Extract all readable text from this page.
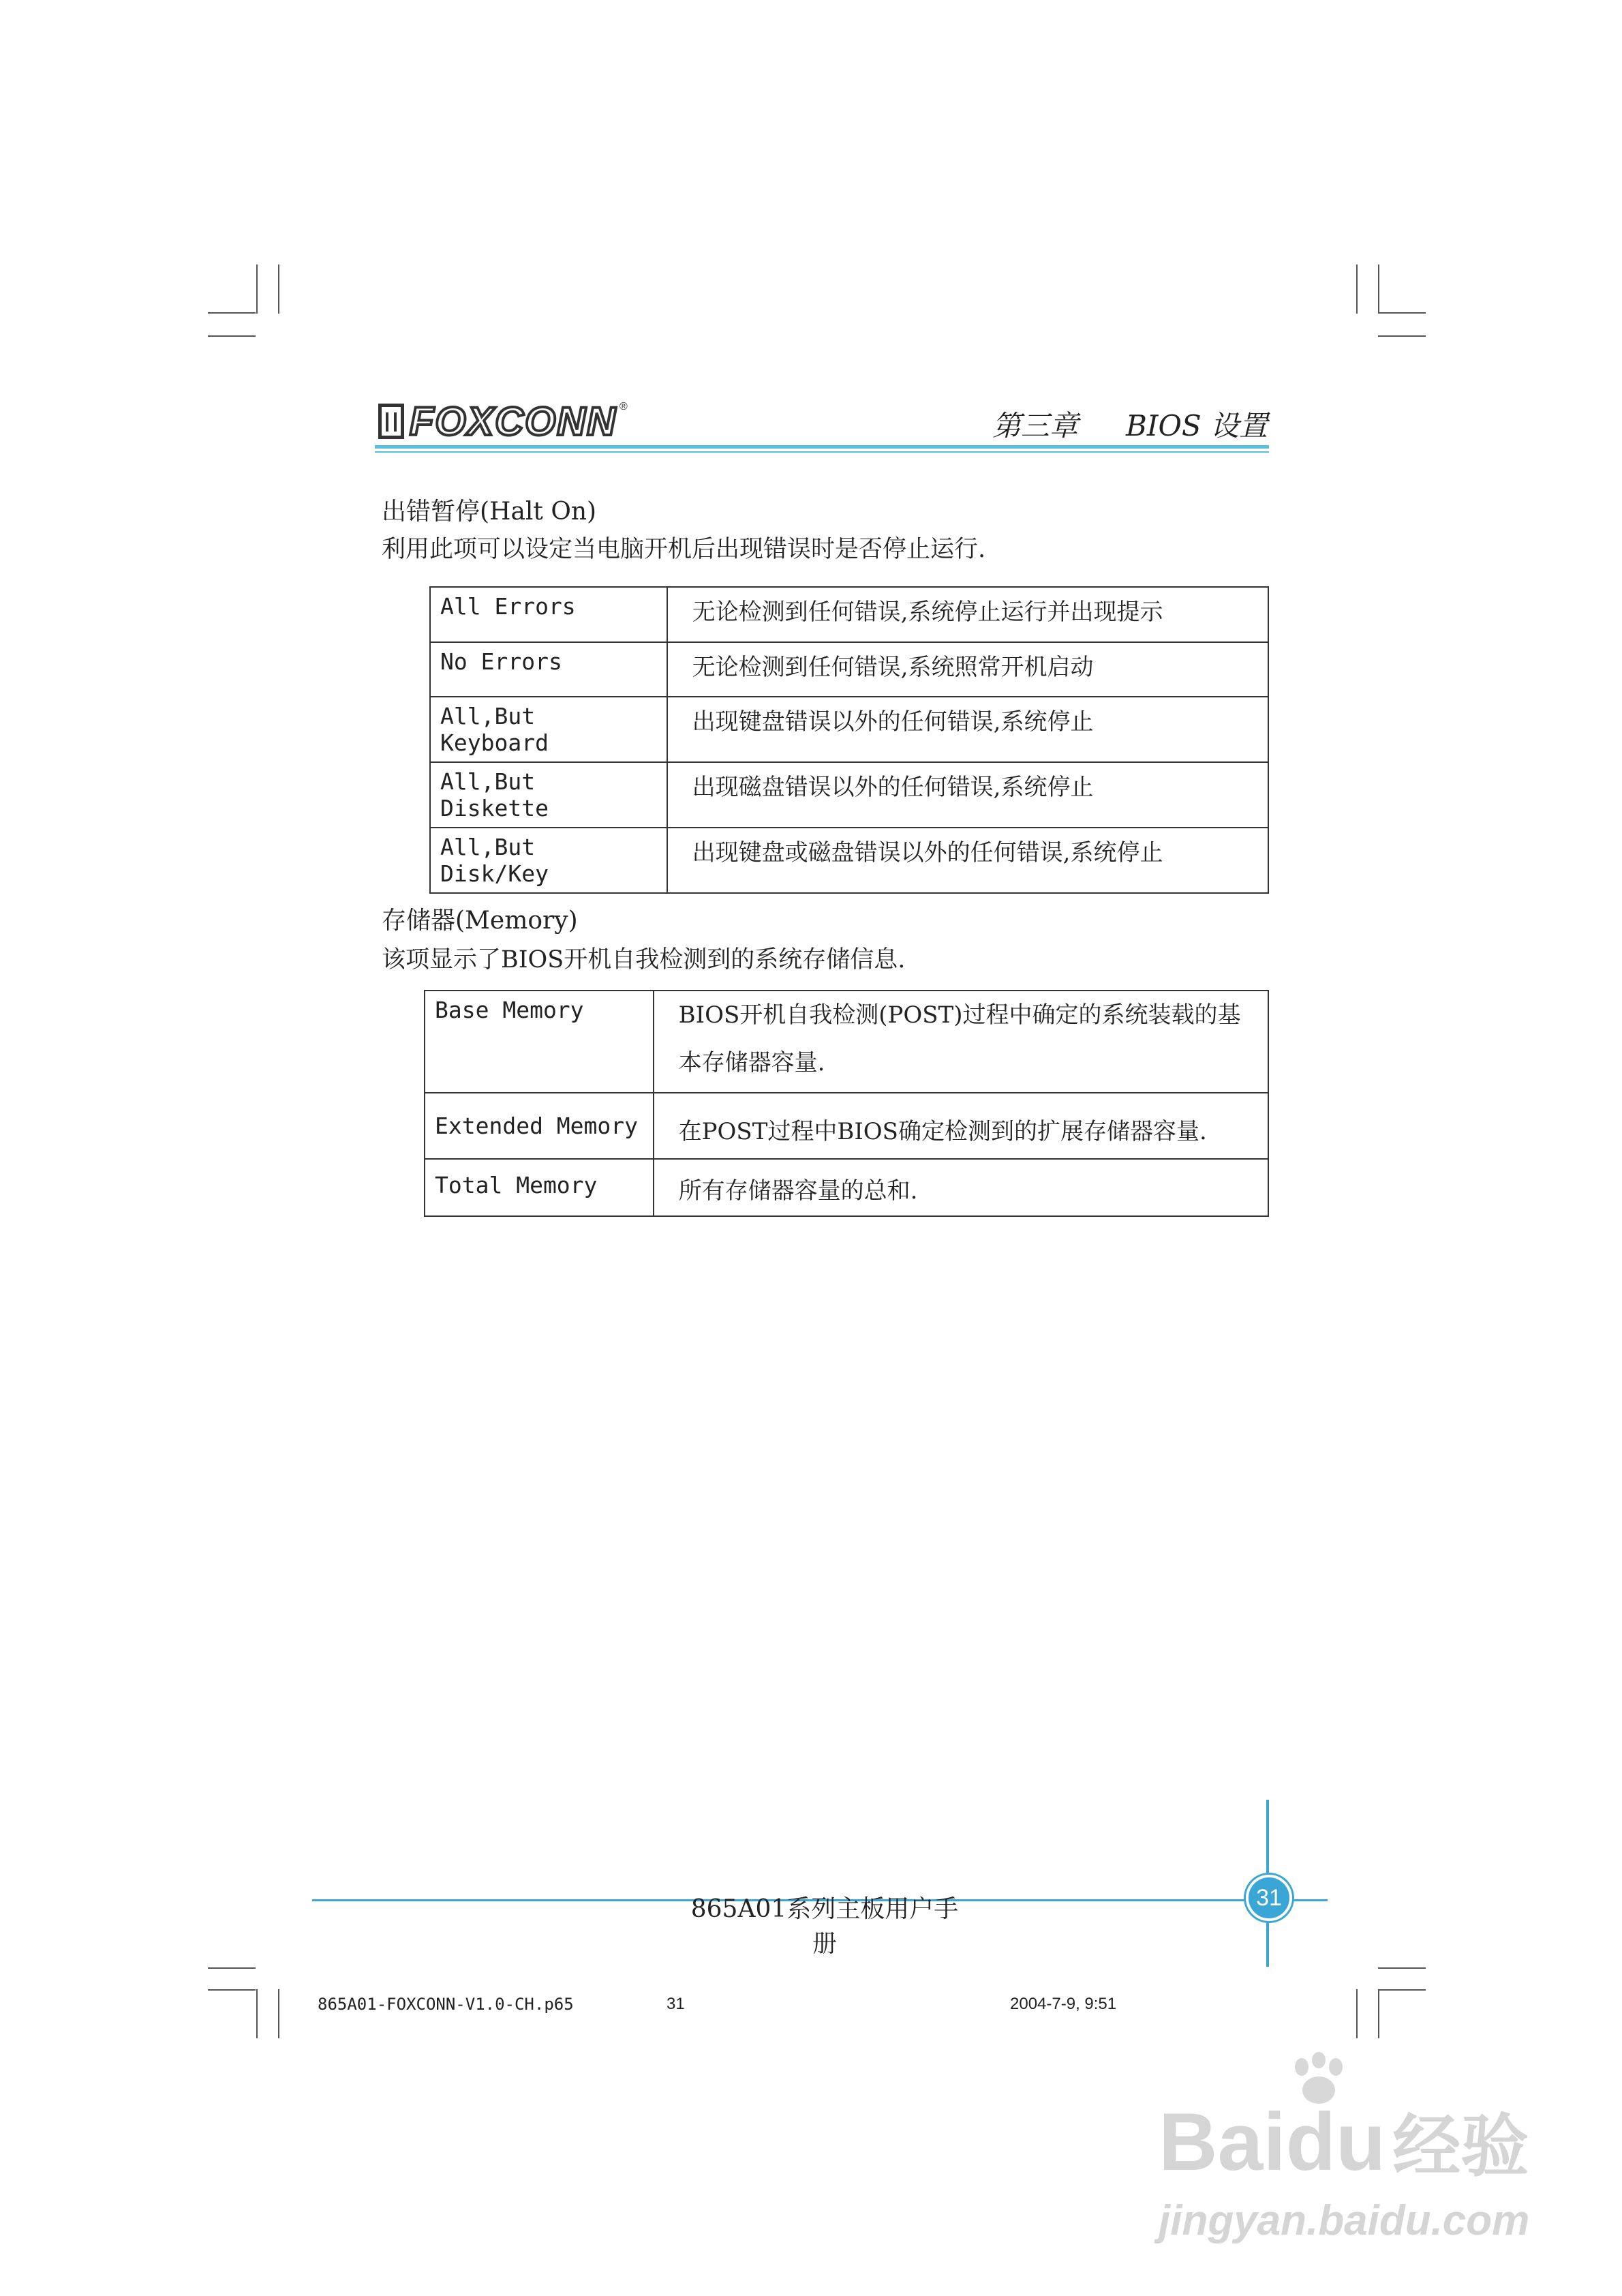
FOXCONN ®
第三章 BIOS 设置
出错暂停(Halt On)
利用此项可以设定当电脑开机后出现错误时是否停止运行.
All Errors	无论检测到任何错误,系统停止运行并出现提示
No Errors	无论检测到任何错误,系统照常开机启动
All,But Keyboard	出现键盘错误以外的任何错误,系统停止
All,But Diskette	出现磁盘错误以外的任何错误,系统停止
All,But Disk/Key	出现键盘或磁盘错误以外的任何错误,系统停止
存储器(Memory)
该项显示了BIOS开机自我检测到的系统存储信息.
Base Memory	BIOS开机自我检测(POST)过程中确定的系统装载的基
本存储器容量.

Extended Memory	在POST过程中BIOS确定检测到的扩展存储器容量.
Total Memory	所有存储器容量的总和.
31
865A01系列主板用户手册
865A01-FOXCONN-V1.0-CH.p65	31	2004-7-9, 9:51
Baidu 经验
jingyan.baidu.com
